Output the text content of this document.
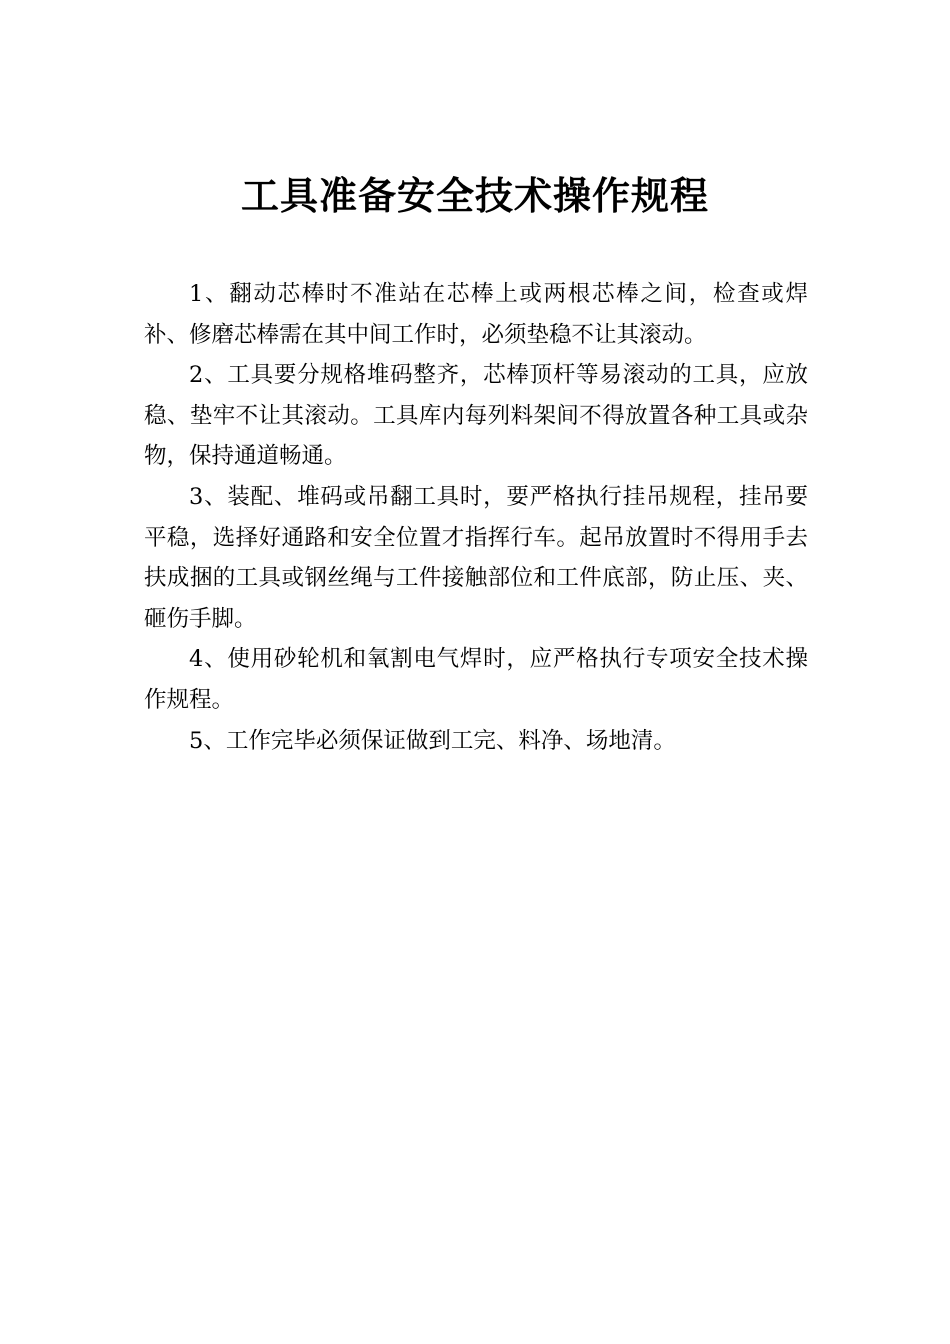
工具准备安全技术操作规程

1、翻动芯棒时不准站在芯棒上或两根芯棒之间，检查或焊补、修磨芯棒需在其中间工作时，必须垫稳不让其滚动。

2、工具要分规格堆码整齐，芯棒顶杆等易滚动的工具，应放稳、垫牢不让其滚动。工具库内每列料架间不得放置各种工具或杂物，保持通道畅通。

3、装配、堆码或吊翻工具时，要严格执行挂吊规程，挂吊要平稳，选择好通路和安全位置才指挥行车。起吊放置时不得用手去扶成捆的工具或钢丝绳与工件接触部位和工件底部，防止压、夹、砸伤手脚。

4、使用砂轮机和氧割电气焊时，应严格执行专项安全技术操作规程。

5、工作完毕必须保证做到工完、料净、场地清。
